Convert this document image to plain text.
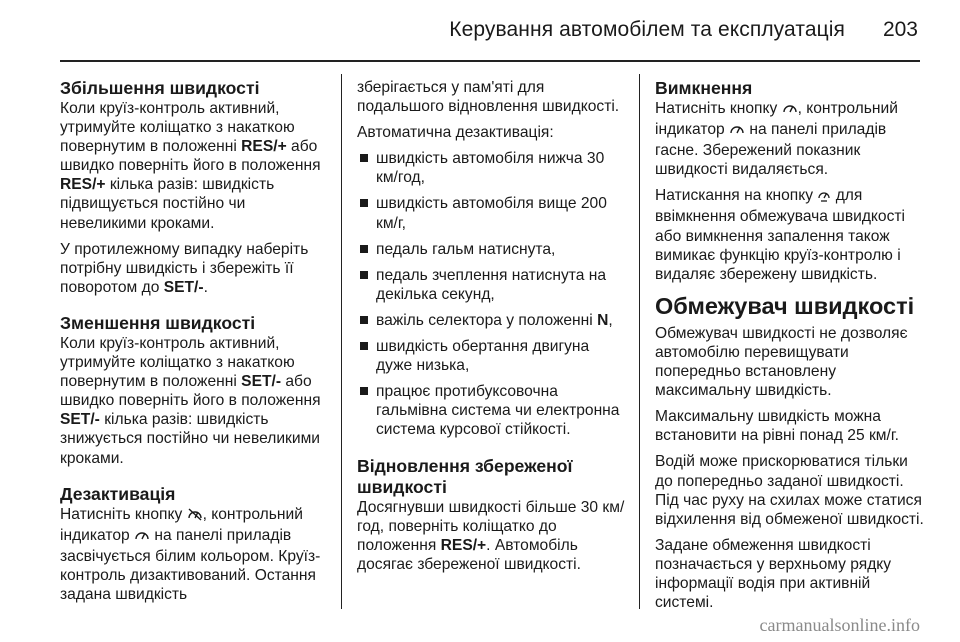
Керування автомобілем та експлуатація 203
Збільшення швидкості

Коли круїз-контроль активний, утримуйте коліщатко з накаткою повернутим в положенні RES/+ або швидко поверніть його в положення RES/+ кілька разів: швидкість підвищується постійно чи невеликими кроками.

У протилежному випадку наберіть потрібну швидкість і збережіть її поворотом до SET/-.

Зменшення швидкості

Коли круїз-контроль активний, утримуйте коліщатко з накаткою повернутим в положенні SET/- або швидко поверніть його в положення SET/- кілька разів: швидкість знижується постійно чи невеликими кроками.

Дезактивація

Натисніть кнопку , контрольний індикатор  на панелі приладів засвічується білим кольором. Круїз-контроль дизактивований. Остання задана швидкість

зберігається у пам'яті для подальшого відновлення швидкості.

Автоматична дезактивація:

швидкість автомобіля нижча 30 км/год,
швидкість автомобіля вище 200 км/г,
педаль гальм натиснута,
педаль зчеплення натиснута на декілька секунд,
важіль селектора у положенні N,
швидкість обертання двигуна дуже низька,
працює протибуксовочна гальмівна система чи електронна система курсової стійкості.
Відновлення збереженої швидкості

Досягнувши швидкості більше 30 км/год, поверніть коліщатко до положення RES/+. Автомобіль досягає збереженої швидкості.

Вимкнення

Натисніть кнопку , контрольний індикатор  на панелі приладів гасне. Збережений показник швидкості видаляється.

Натискання на кнопку  для ввімкнення обмежувача швидкості або вимкнення запалення також вимикає функцію круїз-контролю і видаляє збережену швидкість.

Обмежувач швидкості

Обмежувач швидкості не дозволяє автомобілю перевищувати попередньо встановлену максимальну швидкість.

Максимальну швидкість можна встановити на рівні понад 25 км/г.

Водій може прискорюватися тільки до попередньо заданої швидкості. Під час руху на схилах може статися відхилення від обмеженої швидкості.

Задане обмеження швидкості позначається у верхньому рядку інформації водія при активній системі.

carmanualsonline.info
